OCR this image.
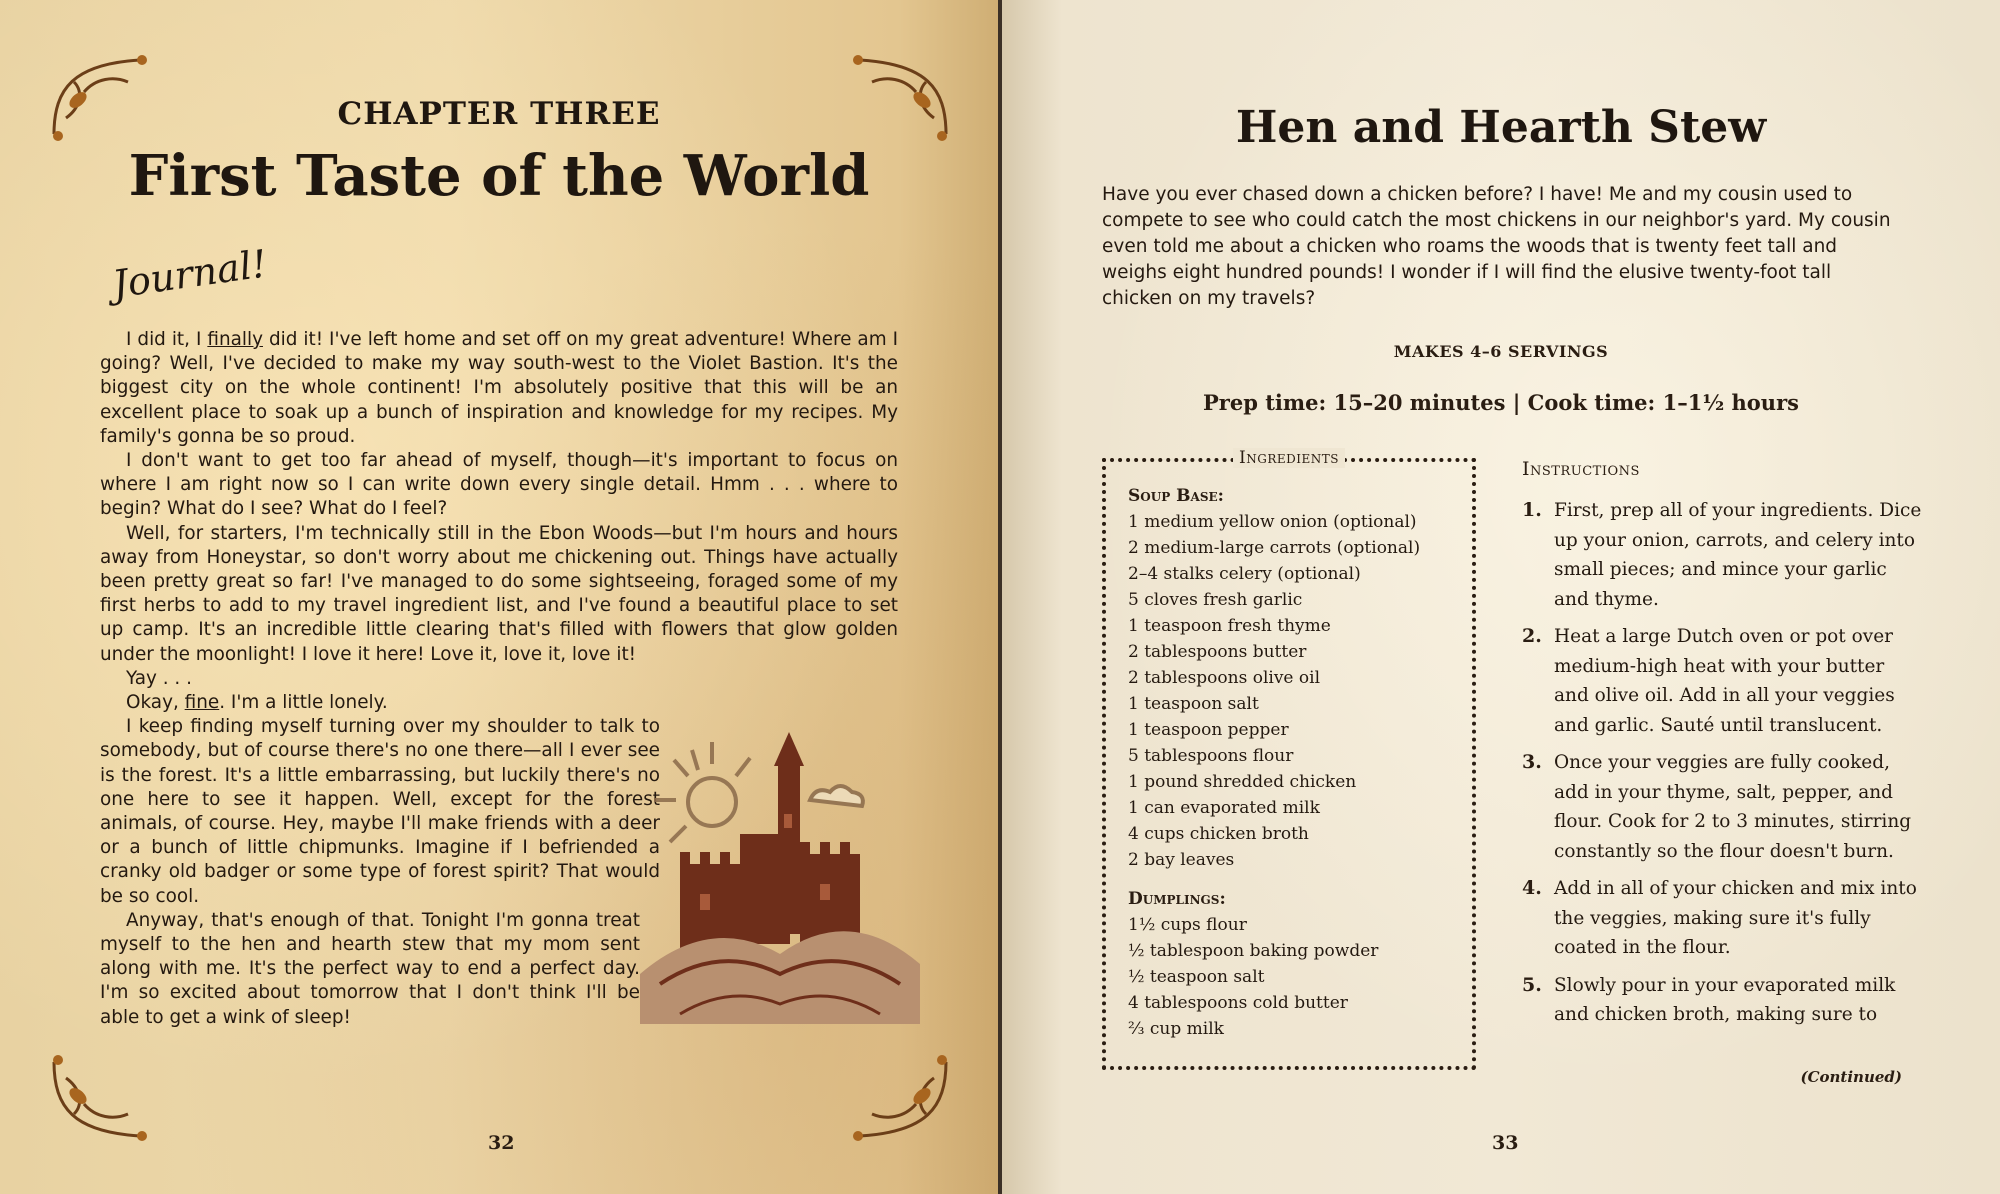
CHAPTER THREE
First Taste of the World
Journal!

I did it, I finally did it! I've left home and set off on my great adventure! Where am I going? Well, I've decided to make my way south-west to the Violet Bastion. It's the biggest city on the whole continent! I'm absolutely positive that this will be an excellent place to soak up a bunch of inspiration and knowledge for my recipes. My family's gonna be so proud.

I don't want to get too far ahead of myself, though—it's important to focus on where I am right now so I can write down every single detail. Hmm . . . where to begin? What do I see? What do I feel?

Well, for starters, I'm technically still in the Ebon Woods—but I'm hours and hours away from Honeystar, so don't worry about me chickening out. Things have actually been pretty great so far! I've managed to do some sightseeing, foraged some of my first herbs to add to my travel ingredient list, and I've found a beautiful place to set up camp. It's an incredible little clearing that's filled with flowers that glow golden under the moonlight! I love it here! Love it, love it, love it!

Yay . . .

Okay, fine. I'm a little lonely.

I keep finding myself turning over my shoulder to talk to somebody, but of course there's no one there—all I ever see is the forest. It's a little embarrassing, but luckily there's no one here to see it happen. Well, except for the forest animals, of course. Hey, maybe I'll make friends with a deer or a bunch of little chipmunks. Imagine if I befriended a cranky old badger or some type of forest spirit? That would be so cool.

Anyway, that's enough of that. Tonight I'm gonna treat myself to the hen and hearth stew that my mom sent along with me. It's the perfect way to end a perfect day. I'm so excited about tomorrow that I don't think I'll be able to get a wink of sleep!

32
Hen and Hearth Stew
Have you ever chased down a chicken before? I have! Me and my cousin used to compete to see who could catch the most chickens in our neighbor's yard. My cousin even told me about a chicken who roams the woods that is twenty feet tall and weighs eight hundred pounds! I wonder if I will find the elusive twenty-foot tall chicken on my travels?
MAKES 4–6 SERVINGS
Prep time: 15–20 minutes | Cook time: 1–1½ hours
Ingredients
Soup Base:
1 medium yellow onion (optional)
2 medium-large carrots (optional)
2–4 stalks celery (optional)
5 cloves fresh garlic
1 teaspoon fresh thyme
2 tablespoons butter
2 tablespoons olive oil
1 teaspoon salt
1 teaspoon pepper
5 tablespoons flour
1 pound shredded chicken
1 can evaporated milk
4 cups chicken broth
2 bay leaves
Dumplings:
1½ cups flour
½ tablespoon baking powder
½ teaspoon salt
4 tablespoons cold butter
⅔ cup milk
Instructions
1. First, prep all of your ingredients. Dice up your onion, carrots, and celery into small pieces; and mince your garlic and thyme.
2. Heat a large Dutch oven or pot over medium-high heat with your butter and olive oil. Add in all your veggies and garlic. Sauté until translucent.
3. Once your veggies are fully cooked, add in your thyme, salt, pepper, and flour. Cook for 2 to 3 minutes, stirring constantly so the flour doesn't burn.
4. Add in all of your chicken and mix into the veggies, making sure it's fully coated in the flour.
5. Slowly pour in your evaporated milk and chicken broth, making sure to
(Continued)
33
